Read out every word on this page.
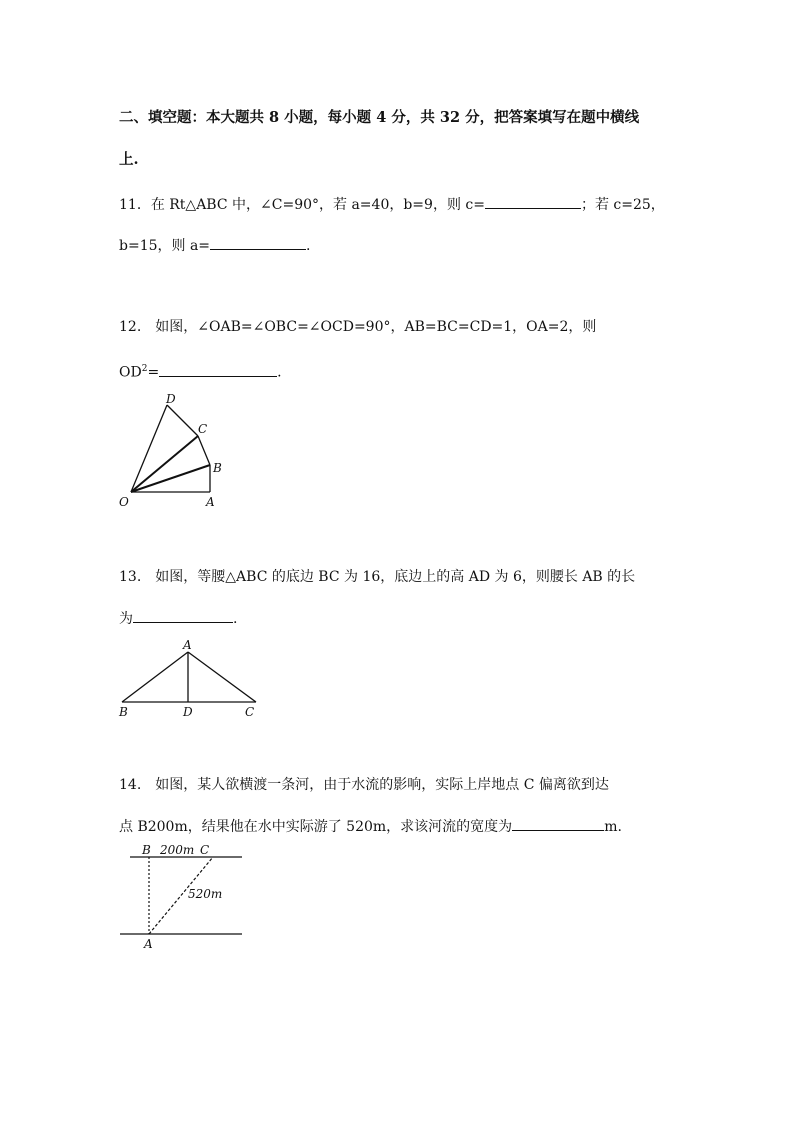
二、填空题：本大题共 8 小题，每小题 4 分，共 32 分，把答案填写在题中横线
上.
11．在 Rt△ABC 中，∠C=90°，若 a=40，b=9，则 c=	；若 c=25，
b=15，则 a=	.
12.　如图，∠OAB=∠OBC=∠OCD=90°，AB=BC=CD=1，OA=2，则
$OD^2=$	.
D
C
B
O	A
13.　如图，等腰△ABC 的底边 BC 为 16，底边上的高 AD 为 6，则腰长 AB 的长
为	.
A
B	D	C
14.　如图，某人欲横渡一条河，由于水流的影响，实际上岸地点 C 偏离欲到达
点 B200m，结果他在水中实际游了 520m，求该河流的宽度为	m.
B 200m C
520m
A
